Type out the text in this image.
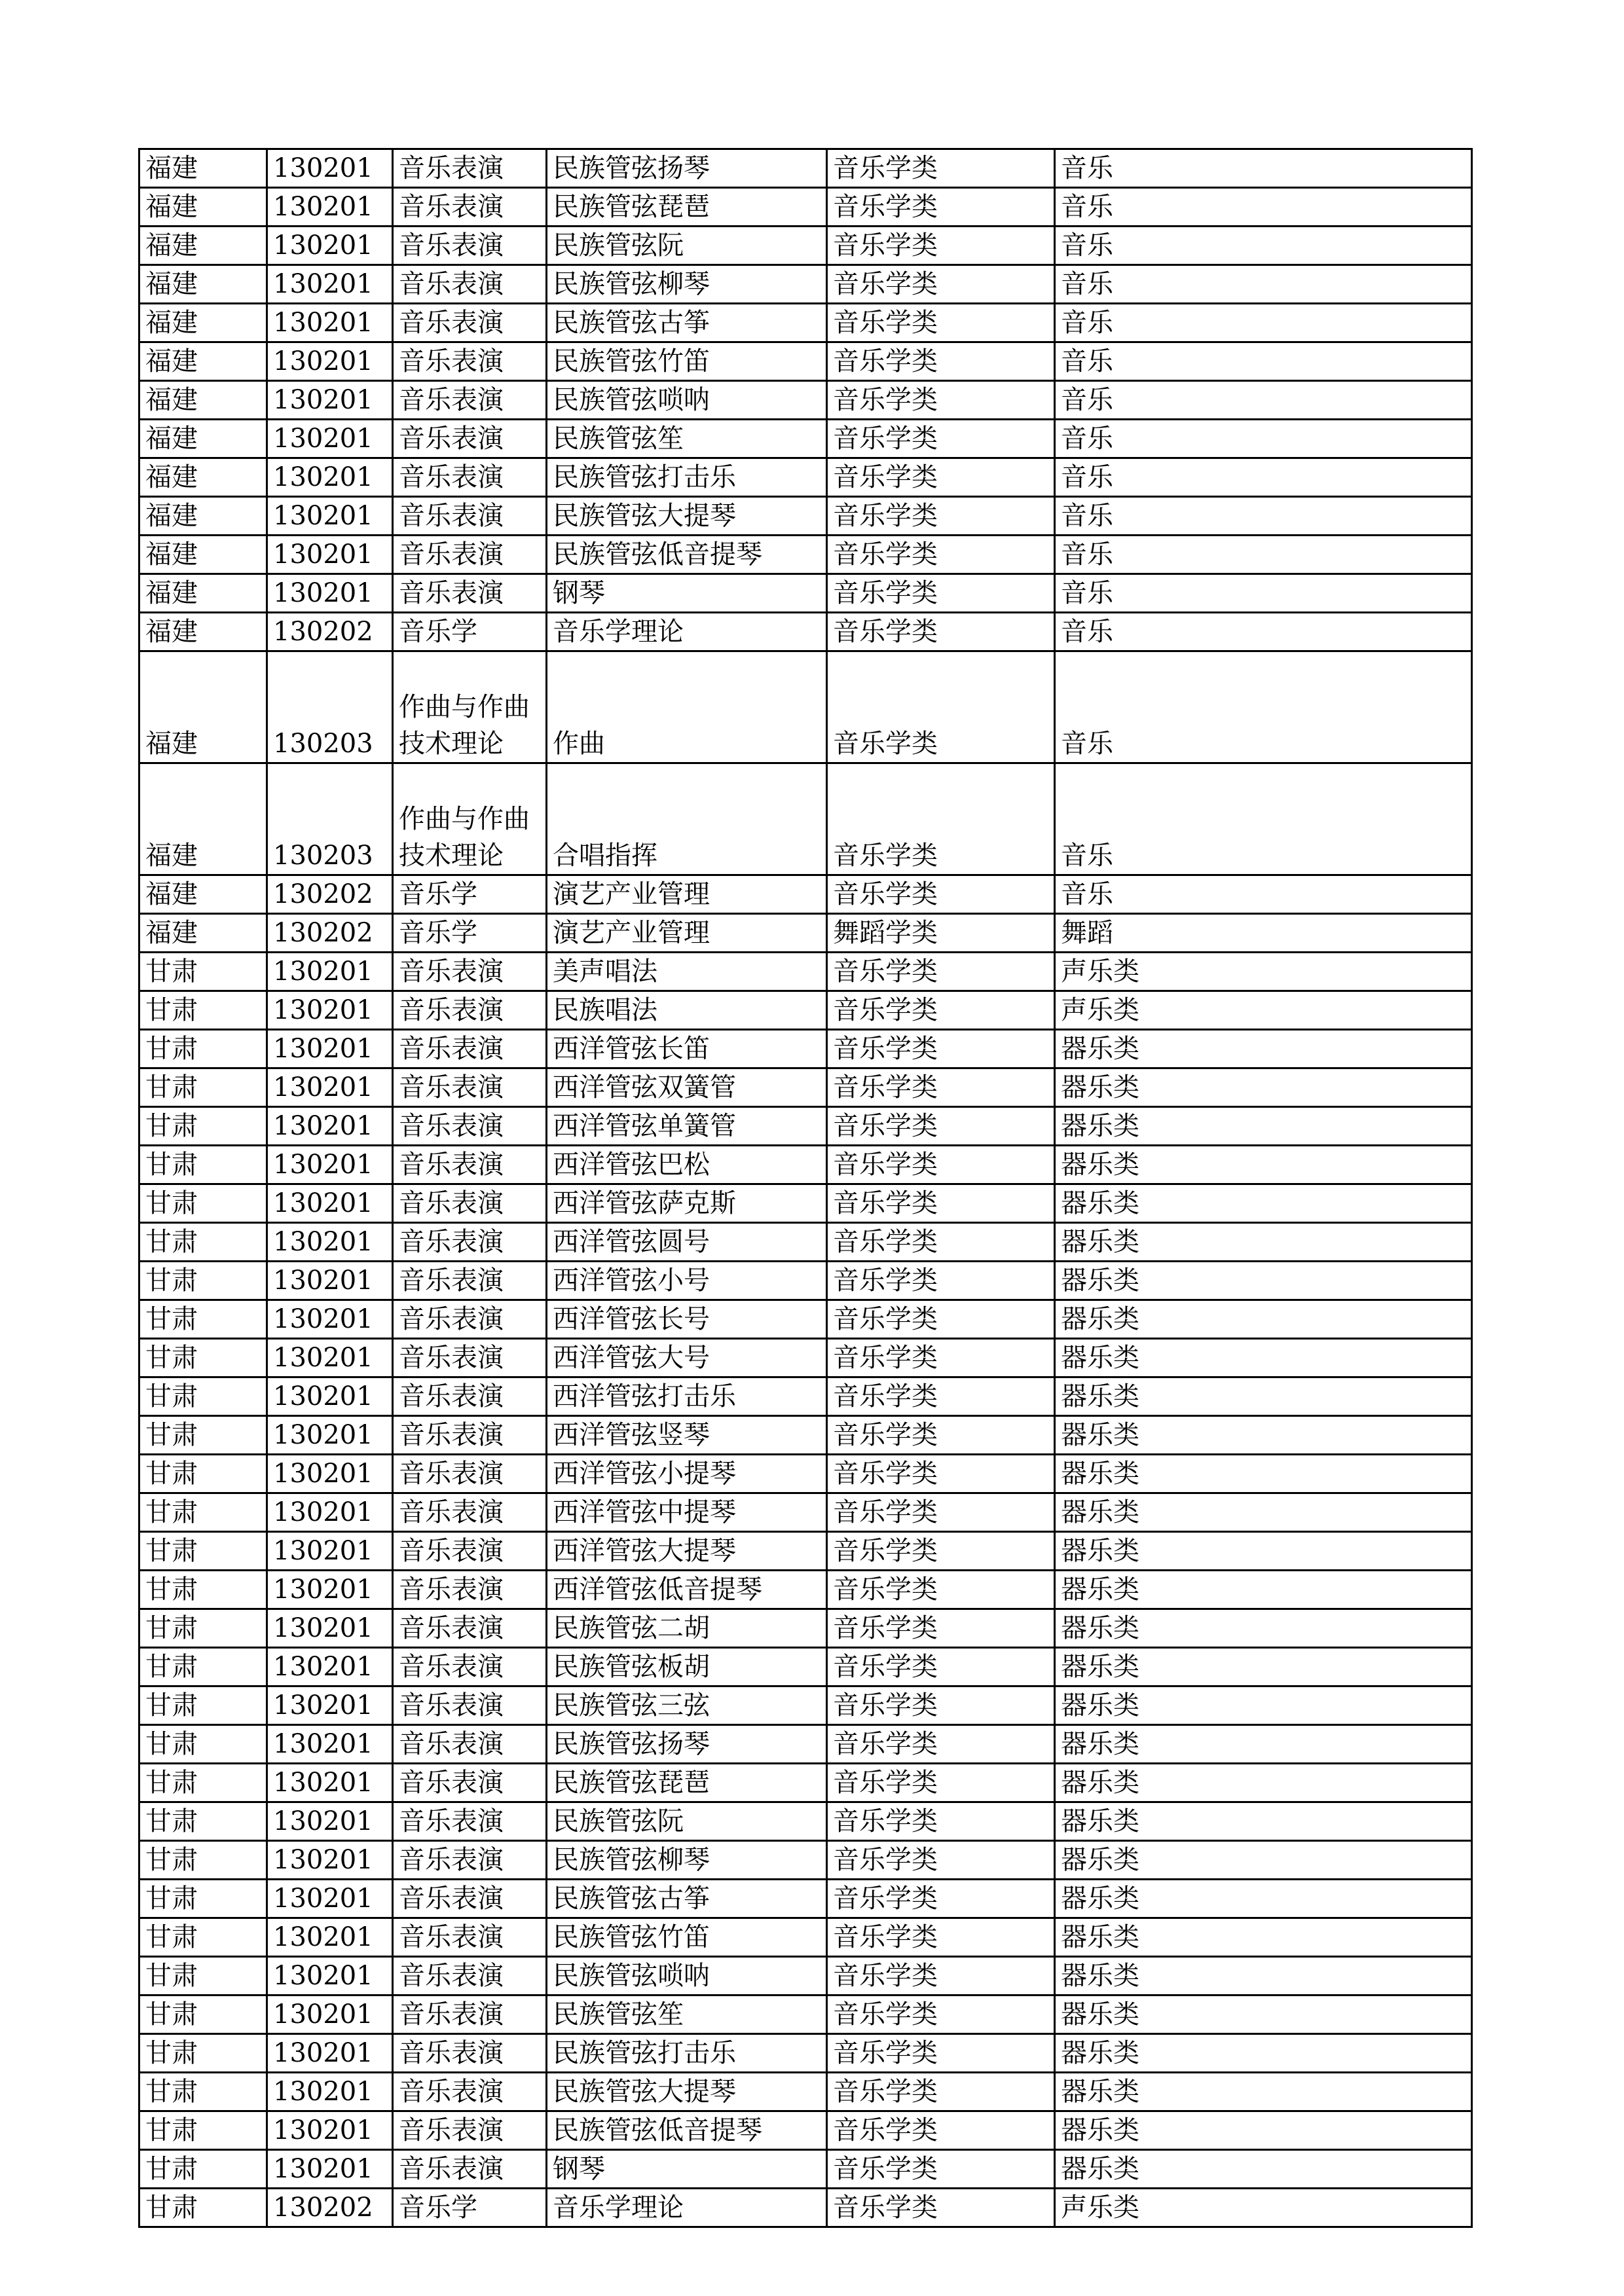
福建	130201	音乐表演	民族管弦扬琴	音乐学类	音乐
福建	130201	音乐表演	民族管弦琵琶	音乐学类	音乐
福建	130201	音乐表演	民族管弦阮	音乐学类	音乐
福建	130201	音乐表演	民族管弦柳琴	音乐学类	音乐
福建	130201	音乐表演	民族管弦古筝	音乐学类	音乐
福建	130201	音乐表演	民族管弦竹笛	音乐学类	音乐
福建	130201	音乐表演	民族管弦唢呐	音乐学类	音乐
福建	130201	音乐表演	民族管弦笙	音乐学类	音乐
福建	130201	音乐表演	民族管弦打击乐	音乐学类	音乐
福建	130201	音乐表演	民族管弦大提琴	音乐学类	音乐
福建	130201	音乐表演	民族管弦低音提琴	音乐学类	音乐
福建	130201	音乐表演	钢琴	音乐学类	音乐
福建	130202	音乐学	音乐学理论	音乐学类	音乐
福建	130203	作曲与作曲技术理论	作曲	音乐学类	音乐
福建	130203	作曲与作曲技术理论	合唱指挥	音乐学类	音乐
福建	130202	音乐学	演艺产业管理	音乐学类	音乐
福建	130202	音乐学	演艺产业管理	舞蹈学类	舞蹈
甘肃	130201	音乐表演	美声唱法	音乐学类	声乐类
甘肃	130201	音乐表演	民族唱法	音乐学类	声乐类
甘肃	130201	音乐表演	西洋管弦长笛	音乐学类	器乐类
甘肃	130201	音乐表演	西洋管弦双簧管	音乐学类	器乐类
甘肃	130201	音乐表演	西洋管弦单簧管	音乐学类	器乐类
甘肃	130201	音乐表演	西洋管弦巴松	音乐学类	器乐类
甘肃	130201	音乐表演	西洋管弦萨克斯	音乐学类	器乐类
甘肃	130201	音乐表演	西洋管弦圆号	音乐学类	器乐类
甘肃	130201	音乐表演	西洋管弦小号	音乐学类	器乐类
甘肃	130201	音乐表演	西洋管弦长号	音乐学类	器乐类
甘肃	130201	音乐表演	西洋管弦大号	音乐学类	器乐类
甘肃	130201	音乐表演	西洋管弦打击乐	音乐学类	器乐类
甘肃	130201	音乐表演	西洋管弦竖琴	音乐学类	器乐类
甘肃	130201	音乐表演	西洋管弦小提琴	音乐学类	器乐类
甘肃	130201	音乐表演	西洋管弦中提琴	音乐学类	器乐类
甘肃	130201	音乐表演	西洋管弦大提琴	音乐学类	器乐类
甘肃	130201	音乐表演	西洋管弦低音提琴	音乐学类	器乐类
甘肃	130201	音乐表演	民族管弦二胡	音乐学类	器乐类
甘肃	130201	音乐表演	民族管弦板胡	音乐学类	器乐类
甘肃	130201	音乐表演	民族管弦三弦	音乐学类	器乐类
甘肃	130201	音乐表演	民族管弦扬琴	音乐学类	器乐类
甘肃	130201	音乐表演	民族管弦琵琶	音乐学类	器乐类
甘肃	130201	音乐表演	民族管弦阮	音乐学类	器乐类
甘肃	130201	音乐表演	民族管弦柳琴	音乐学类	器乐类
甘肃	130201	音乐表演	民族管弦古筝	音乐学类	器乐类
甘肃	130201	音乐表演	民族管弦竹笛	音乐学类	器乐类
甘肃	130201	音乐表演	民族管弦唢呐	音乐学类	器乐类
甘肃	130201	音乐表演	民族管弦笙	音乐学类	器乐类
甘肃	130201	音乐表演	民族管弦打击乐	音乐学类	器乐类
甘肃	130201	音乐表演	民族管弦大提琴	音乐学类	器乐类
甘肃	130201	音乐表演	民族管弦低音提琴	音乐学类	器乐类
甘肃	130201	音乐表演	钢琴	音乐学类	器乐类
甘肃	130202	音乐学	音乐学理论	音乐学类	声乐类
